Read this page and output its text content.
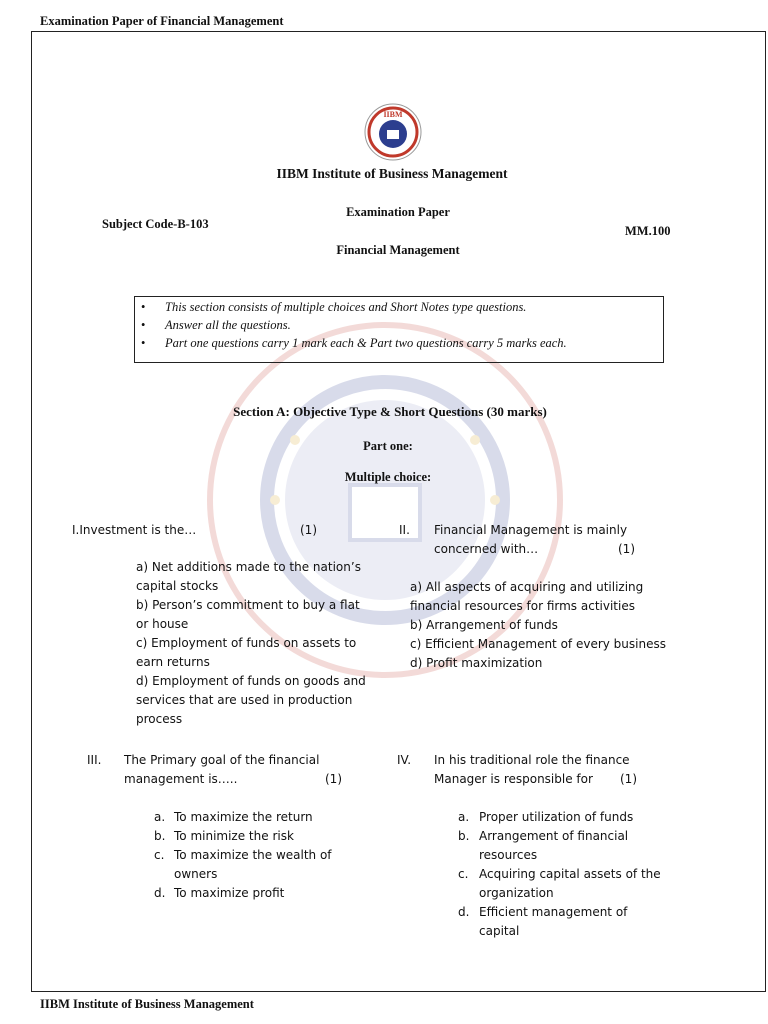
Examination Paper of Financial Management
IIBM Institute of Business Management
IIBM
IIBM Institute of Business Management
Examination Paper
Subject Code-B-103	MM.100
Financial Management
• This section consists of multiple choices and Short Notes type questions.
• Answer all the questions.
• Part one questions carry 1 mark each & Part two questions carry 5 marks each.
Section A: Objective Type & Short Questions (30 marks)
Part one:
Multiple choice:
I.Investment is the…	(1)
a) Net additions made to the nation’s capital stocks
b) Person’s commitment to buy a flat or house
c) Employment of funds on assets to earn returns
d) Employment of funds on goods and services that are used in production process
II. Financial Management is mainly concerned with…	(1)
a) All aspects of acquiring and utilizing financial resources for firms activities
b) Arrangement of funds
c) Efficient Management of every business
d) Profit maximization
III. The Primary goal of the financial management is…..	(1)
a. To maximize the return
b. To minimize the risk
c. To maximize the wealth of owners
d. To maximize profit
IV. In his traditional role the finance Manager is responsible for	(1)
a. Proper utilization of funds
b. Arrangement of financial resources
c. Acquiring capital assets of the organization
d. Efficient management of capital
